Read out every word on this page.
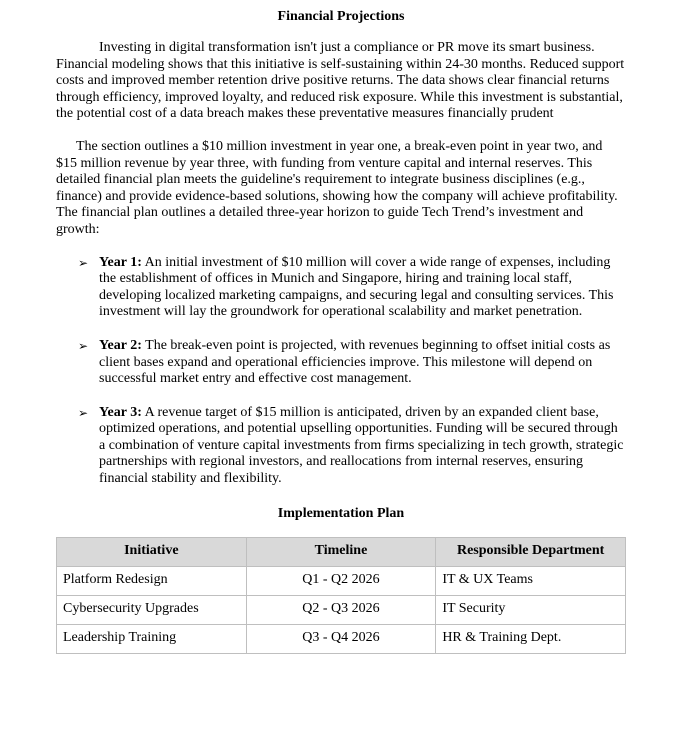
Financial Projections

Investing in digital transformation isn't just a compliance or PR move its smart business. Financial modeling shows that this initiative is self-sustaining within 24-30 months. Reduced support costs and improved member retention drive positive returns. The data shows clear financial returns through efficiency, improved loyalty, and reduced risk exposure. While this investment is substantial, the potential cost of a data breach makes these preventative measures financially prudent

The section outlines a $10 million investment in year one, a break-even point in year two, and $15 million revenue by year three, with funding from venture capital and internal reserves. This detailed financial plan meets the guideline's requirement to integrate business disciplines (e.g., finance) and provide evidence-based solutions, showing how the company will achieve profitability. The financial plan outlines a detailed three-year horizon to guide Tech Trend’s investment and growth:

➢ Year 1: An initial investment of $10 million will cover a wide range of expenses, including the establishment of offices in Munich and Singapore, hiring and training local staff, developing localized marketing campaigns, and securing legal and consulting services. This investment will lay the groundwork for operational scalability and market penetration.
➢ Year 2: The break-even point is projected, with revenues beginning to offset initial costs as client bases expand and operational efficiencies improve. This milestone will depend on successful market entry and effective cost management.
➢ Year 3: A revenue target of $15 million is anticipated, driven by an expanded client base, optimized operations, and potential upselling opportunities. Funding will be secured through a combination of venture capital investments from firms specializing in tech growth, strategic partnerships with regional investors, and reallocations from internal reserves, ensuring financial stability and flexibility.
Implementation Plan
Initiative	Timeline	Responsible Department
Platform Redesign	Q1 - Q2 2026	IT & UX Teams
Cybersecurity Upgrades	Q2 - Q3 2026	IT Security
Leadership Training	Q3 - Q4 2026	HR & Training Dept.
